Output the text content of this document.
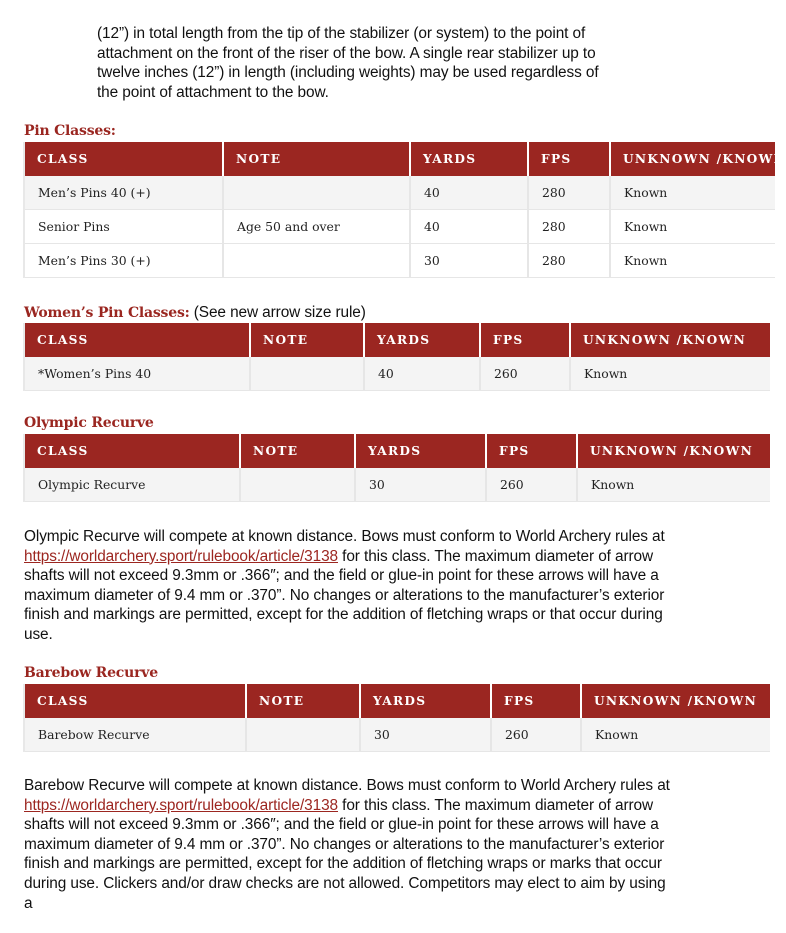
(12”) in total length from the tip of the stabilizer (or system) to the point of
attachment on the front of the riser of the bow. A single rear stabilizer up to
twelve inches (12”) in length (including weights) may be used regardless of
the point of attachment to the bow.
Pin Classes:
CLASS	NOTE	YARDS	FPS	UNKNOWN /KNOWN
Men’s Pins 40 (+)		40	280	Known
Senior Pins	Age 50 and over	40	280	Known
Men’s Pins 30 (+)		30	280	Known
Women’s Pin Classes: (See new arrow size rule)
CLASS	NOTE	YARDS	FPS	UNKNOWN /KNOWN
*Women’s Pins 40		40	260	Known
Olympic Recurve
CLASS	NOTE	YARDS	FPS	UNKNOWN /KNOWN
Olympic Recurve		30	260	Known
Olympic Recurve will compete at known distance. Bows must conform to World Archery rules at https://worldarchery.sport/rulebook/article/3138 for this class. The maximum diameter of arrow shafts will not exceed 9.3mm or .366″; and the field or glue-in point for these arrows will have a maximum diameter of 9.4 mm or .370”. No changes or alterations to the manufacturer’s exterior finish and markings are permitted, except for the addition of fletching wraps or that occur during use.
Barebow Recurve
CLASS	NOTE	YARDS	FPS	UNKNOWN /KNOWN
Barebow Recurve		30	260	Known
Barebow Recurve will compete at known distance. Bows must conform to World Archery rules at https://worldarchery.sport/rulebook/article/3138 for this class. The maximum diameter of arrow shafts will not exceed 9.3mm or .366″; and the field or glue-in point for these arrows will have a maximum diameter of 9.4 mm or .370”. No changes or alterations to the manufacturer’s exterior finish and markings are permitted, except for the addition of fletching wraps or marks that occur during use. Clickers and/or draw checks are not allowed. Competitors may elect to aim by using a
